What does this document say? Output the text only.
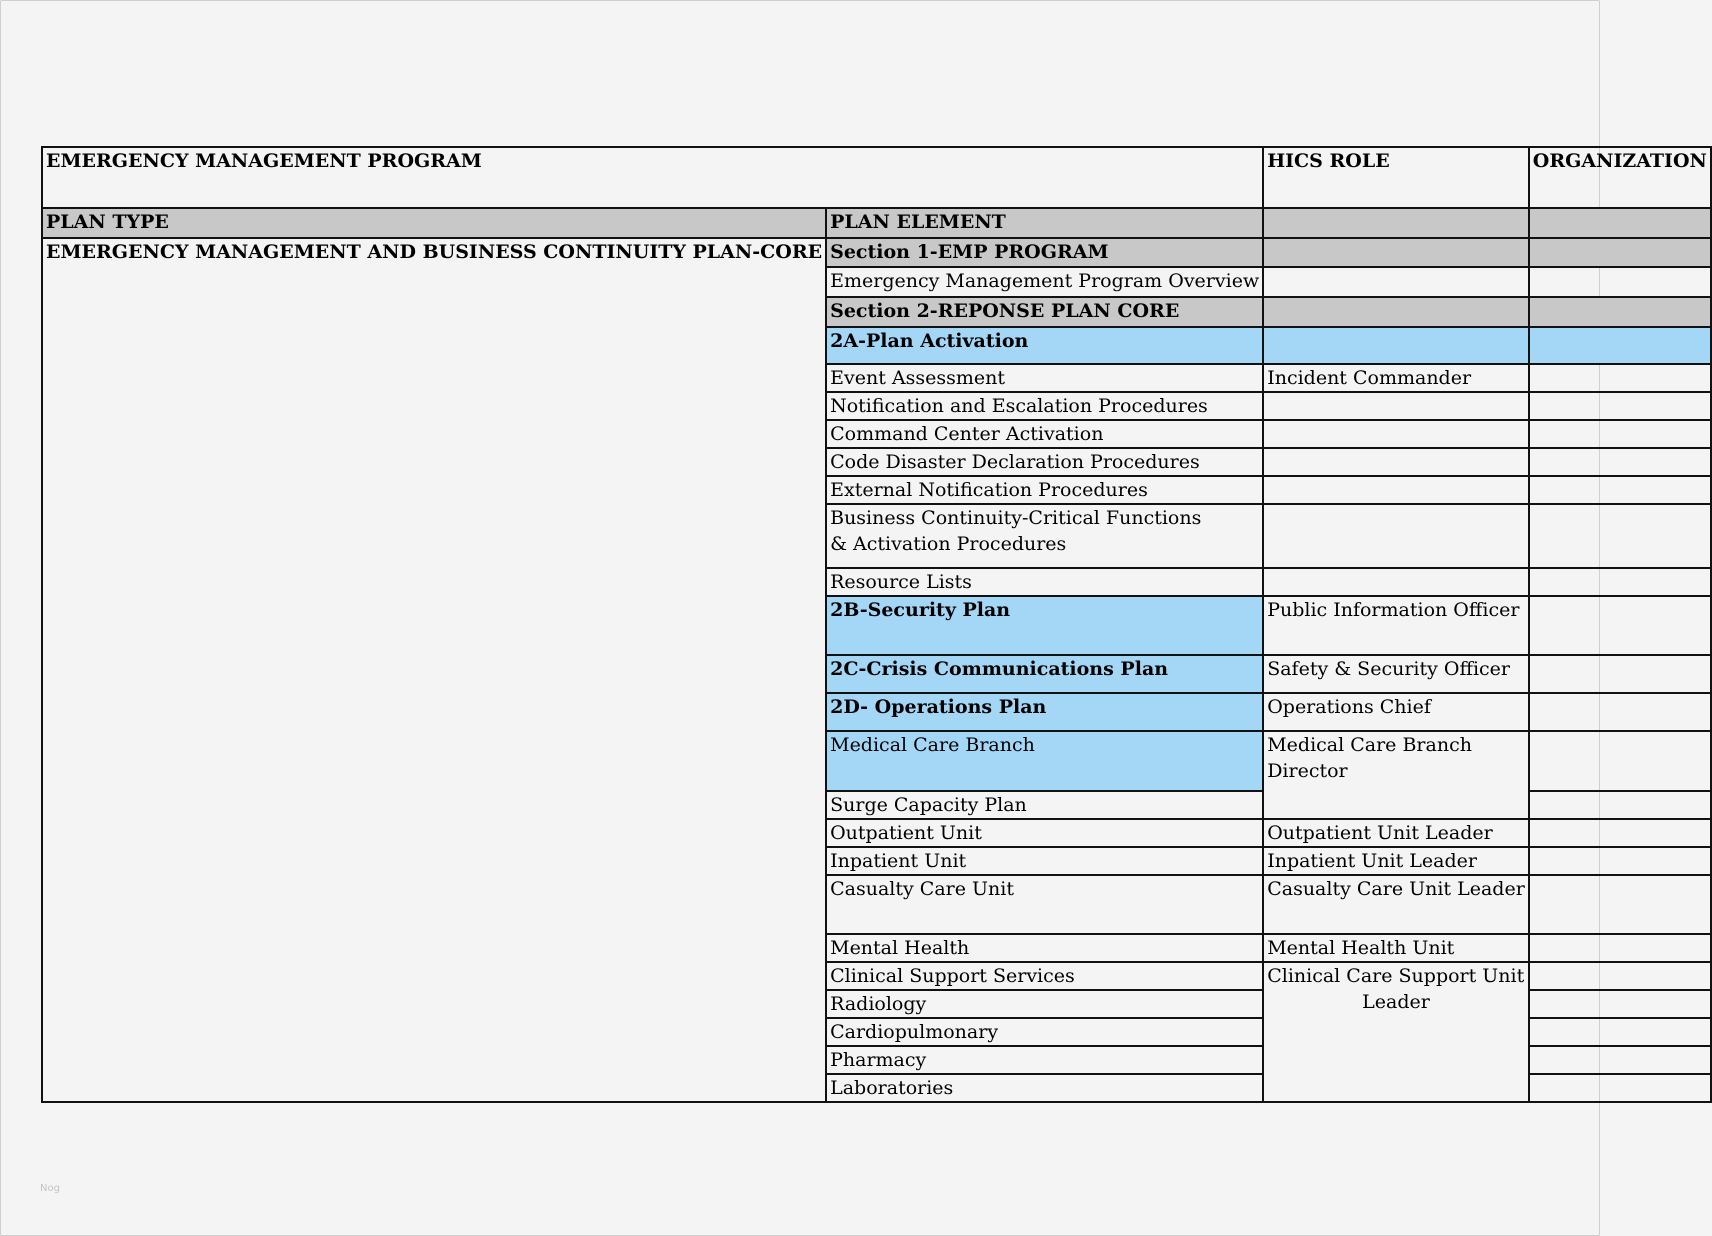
EMERGENCY MANAGEMENT PROGRAM		HICS ROLE	ORGANIZATION
PLAN TYPE	PLAN ELEMENT		
EMERGENCY MANAGEMENT AND BUSINESS CONTINUITY PLAN-CORE	Section 1-EMP PROGRAM		
	Emergency Management Program Overview		
	Section 2-REPONSE PLAN CORE		
	2A-Plan Activation		
	Event Assessment	Incident Commander	
	Notification and Escalation Procedures		
	Command Center Activation		
	Code Disaster Declaration Procedures		
	External Notification Procedures		

	Business Continuity-Critical Functions
& Activation Procedures		

	Resource Lists		
	2B-Security Plan	Public Information Officer	
	2C-Crisis Communications Plan	Safety & Security Officer	
	2D- Operations Plan	Operations Chief	
	Medical Care Branch	Medical Care Branch
Director	

	Surge Capacity Plan		
	Outpatient Unit	Outpatient Unit Leader	
	Inpatient Unit	Inpatient Unit Leader	
	Casualty Care Unit	Casualty Care Unit Leader	
	Mental Health	Mental Health Unit	
	Clinical Support Services	Clinical Care Support Unit
Leader	

	Radiology		
	Cardiopulmonary		
	Pharmacy		
	Laboratories		
Nog
